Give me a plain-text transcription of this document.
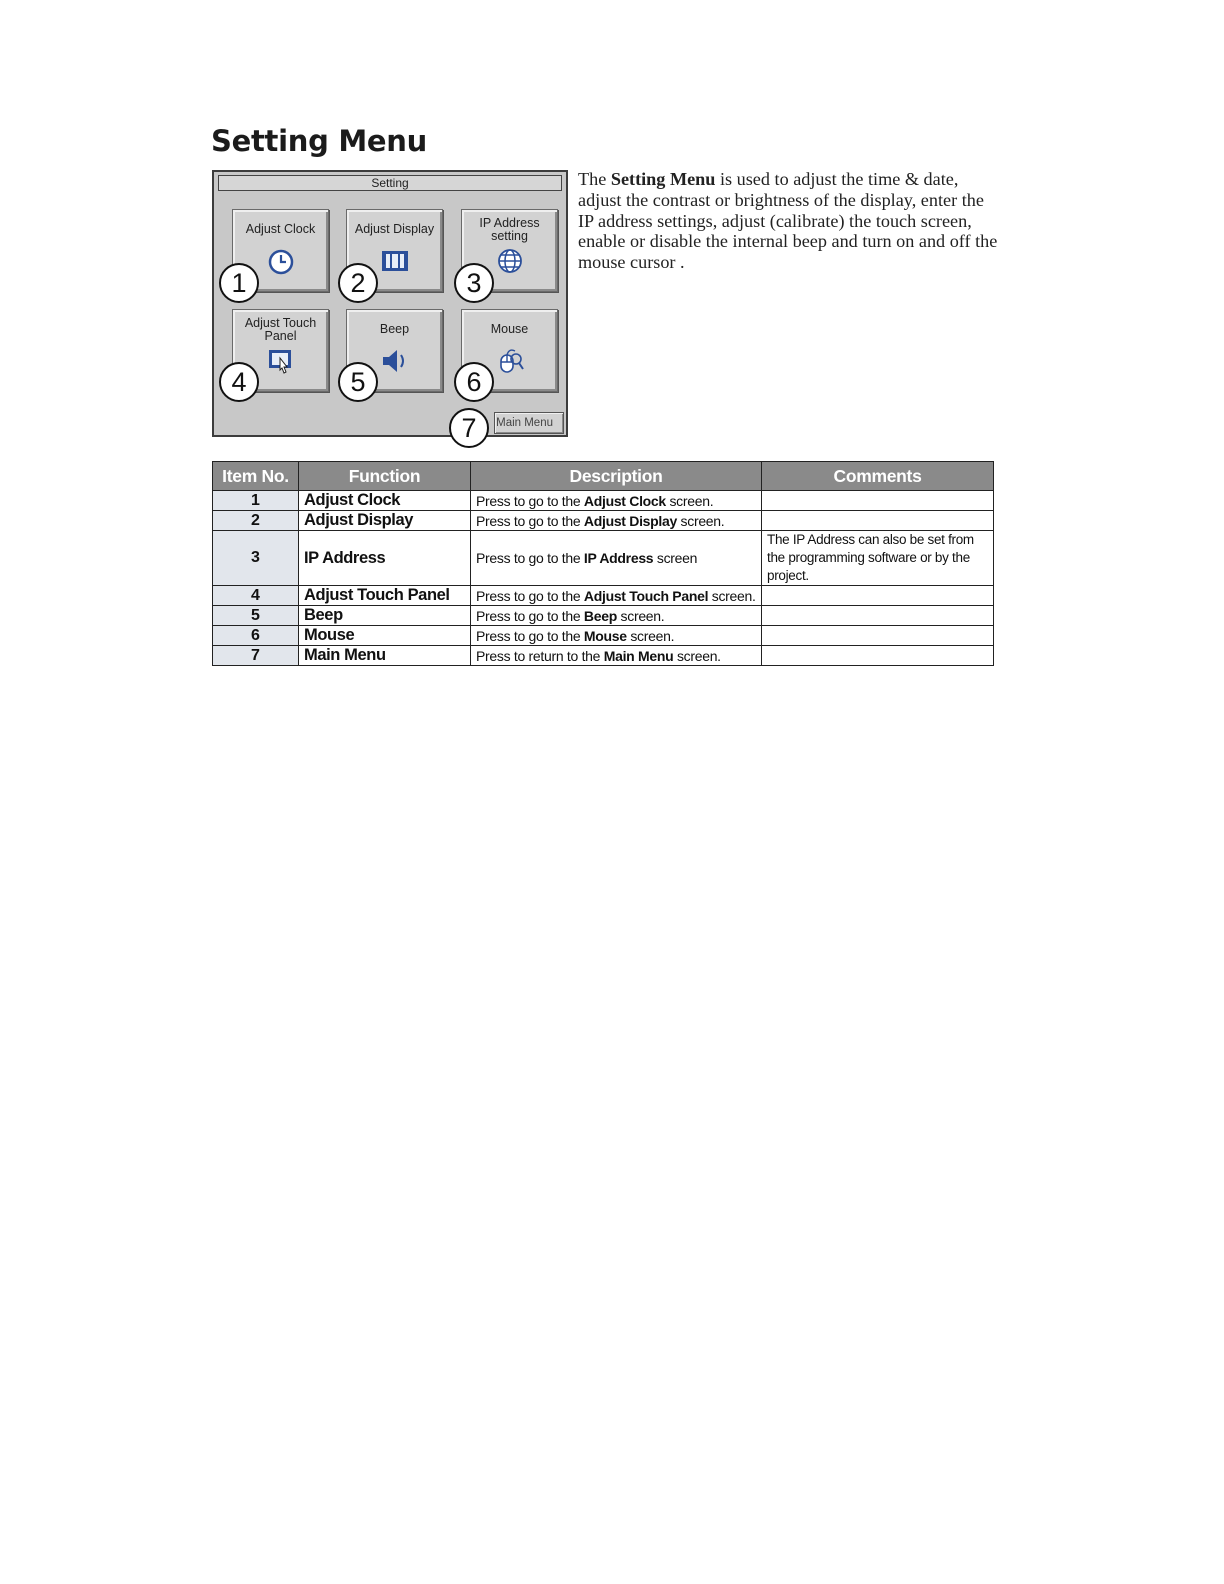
Setting Menu
Setting
Adjust Clock	Adjust Display	IP Address
setting
Adjust Touch
Panel	Beep	Mouse
Main Menu
1	2	3
4	5	6
7

The Setting Menu is used to adjust the time & date, adjust the contrast or brightness of the display, enter the IP address settings, adjust (calibrate) the touch screen, enable or disable the internal beep and turn on and off the mouse cursor .

Item No.	Function	Description	Comments
1	Adjust Clock	Press to go to the Adjust Clock screen.	
2	Adjust Display	Press to go to the Adjust Display screen.	
3	IP Address	Press to go to the IP Address screen	The IP Address can also be set from the programming software or by the project.
4	Adjust Touch Panel	Press to go to the Adjust Touch Panel screen.	
5	Beep	Press to go to the Beep screen.	
6	Mouse	Press to go to the Mouse screen.	
7	Main Menu	Press to return to the Main Menu screen.	
